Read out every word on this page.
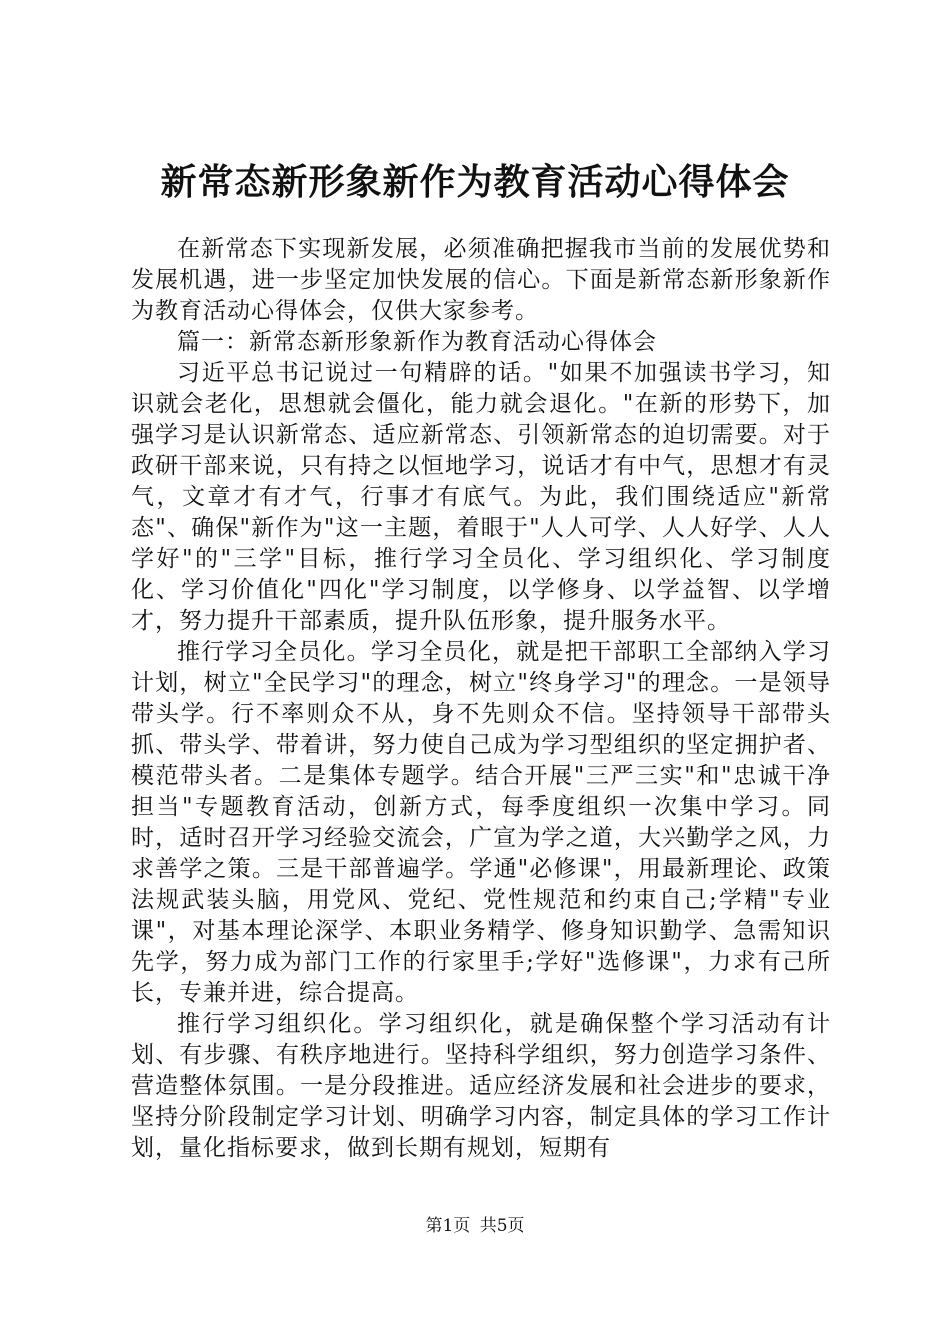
新常态新形象新作为教育活动心得体会

在新常态下实现新发展，必须准确把握我市当前的发展优势和发展机遇，进一步坚定加快发展的信心。下面是新常态新形象新作为教育活动心得体会，仅供大家参考。

篇一：新常态新形象新作为教育活动心得体会

习近平总书记说过一句精辟的话。"如果不加强读书学习，知识就会老化，思想就会僵化，能力就会退化。"在新的形势下，加强学习是认识新常态、适应新常态、引领新常态的迫切需要。对于政研干部来说，只有持之以恒地学习，说话才有中气，思想才有灵气，文章才有才气，行事才有底气。为此，我们围绕适应"新常态"、确保"新作为"这一主题，着眼于"人人可学、人人好学、人人学好"的"三学"目标，推行学习全员化、学习组织化、学习制度化、学习价值化"四化"学习制度，以学修身、以学益智、以学增才，努力提升干部素质，提升队伍形象，提升服务水平。

推行学习全员化。学习全员化，就是把干部职工全部纳入学习计划，树立"全民学习"的理念，树立"终身学习"的理念。一是领导带头学。行不率则众不从，身不先则众不信。坚持领导干部带头抓、带头学、带着讲，努力使自己成为学习型组织的坚定拥护者、模范带头者。二是集体专题学。结合开展"三严三实"和"忠诚干净担当"专题教育活动，创新方式，每季度组织一次集中学习。同时，适时召开学习经验交流会，广宣为学之道，大兴勤学之风，力求善学之策。三是干部普遍学。学通"必修课"，用最新理论、政策法规武装头脑，用党风、党纪、党性规范和约束自己;学精"专业课"，对基本理论深学、本职业务精学、修身知识勤学、急需知识先学，努力成为部门工作的行家里手;学好"选修课"，力求有己所长，专兼并进，综合提高。

推行学习组织化。学习组织化，就是确保整个学习活动有计划、有步骤、有秩序地进行。坚持科学组织，努力创造学习条件、营造整体氛围。一是分段推进。适应经济发展和社会进步的要求，坚持分阶段制定学习计划、明确学习内容，制定具体的学习工作计划，量化指标要求，做到长期有规划，短期有

第1页 共5页
